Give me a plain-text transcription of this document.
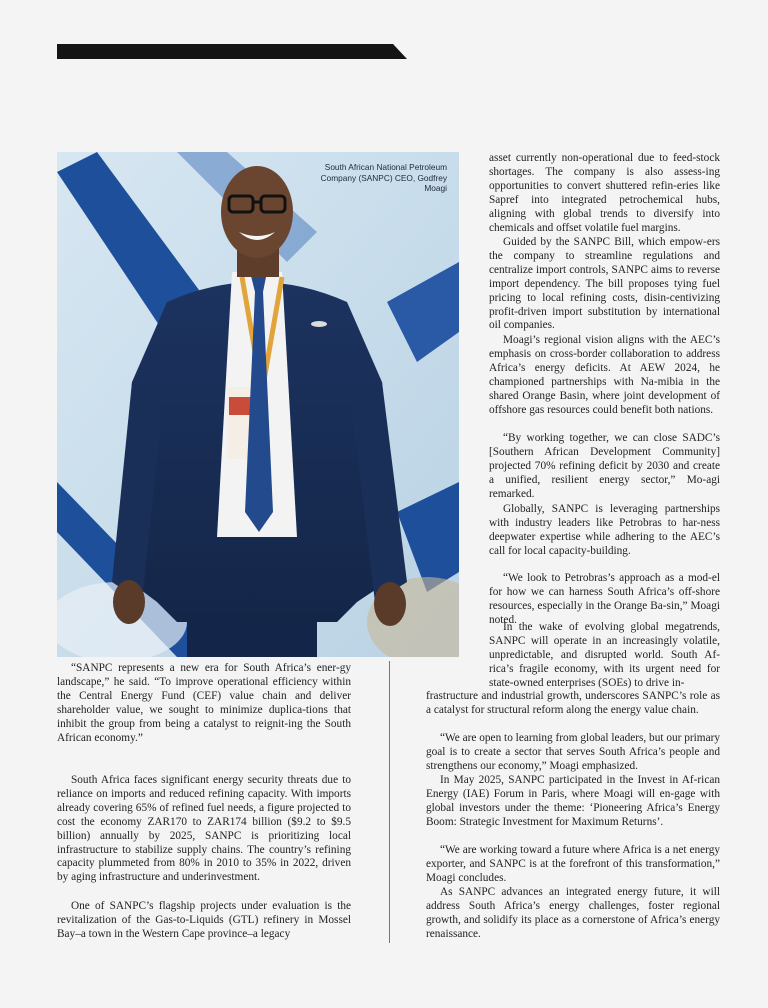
South African National Petroleum Company (SANPC) CEO, Godfrey Moagi

asset currently non-operational due to feed-stock shortages. The company is also assess-ing opportunities to convert shuttered refin-eries like Sapref into integrated petrochemical hubs, aligning with global trends to diversify into chemicals and offset volatile fuel margins.

Guided by the SANPC Bill, which empow-ers the company to streamline regulations and centralize import controls, SANPC aims to reverse import dependency. The bill proposes tying fuel pricing to local refining costs, disin-centivizing profit-driven import substitution by international oil companies.

Moagi’s regional vision aligns with the AEC’s emphasis on cross-border collaboration to address Africa’s energy deficits. At AEW 2024, he championed partnerships with Na-mibia in the shared Orange Basin, where joint development of offshore gas resources could benefit both nations.

“By working together, we can close SADC’s [Southern African Development Community] projected 70% refining deficit by 2030 and create a unified, resilient energy sector,” Mo-agi remarked.

Globally, SANPC is leveraging partnerships with industry leaders like Petrobras to har-ness deepwater expertise while adhering to the AEC’s call for local capacity-building.

“We look to Petrobras’s approach as a mod-el for how we can harness South Africa’s off-shore resources, especially in the Orange Ba-sin,” Moagi noted.

In the wake of evolving global megatrends, SANPC will operate in an increasingly volatile, unpredictable, and disrupted world. South Af-rica’s fragile economy, with its urgent need for state-owned enterprises (SOEs) to drive in-

frastructure and industrial growth, underscores SANPC’s role as a catalyst for structural reform along the energy value chain.

“We are open to learning from global leaders, but our primary goal is to create a sector that serves South Africa’s people and strengthens our economy,” Moagi emphasized.

In May 2025, SANPC participated in the Invest in Af-rican Energy (IAE) Forum in Paris, where Moagi will en-gage with global investors under the theme: ‘Pioneering Africa’s Energy Boom: Strategic Investment for Maximum Returns’.

“We are working toward a future where Africa is a net energy exporter, and SANPC is at the forefront of this transformation,” Moagi concludes.

As SANPC advances an integrated energy future, it will address South Africa’s energy challenges, foster regional growth, and solidify its place as a cornerstone of Africa’s energy renaissance.

“SANPC represents a new era for South Africa’s ener-gy landscape,” he said. “To improve operational efficiency within the Central Energy Fund (CEF) value chain and deliver shareholder value, we sought to minimize duplica-tions that inhibit the group from being a catalyst to reignit-ing the South African economy.”

South Africa faces significant energy security threats due to reliance on imports and reduced refining capacity. With imports already covering 65% of refined fuel needs, a figure projected to cost the economy ZAR170 to ZAR174 billion ($9.2 to $9.5 billion) annually by 2025, SANPC is prioritizing local infrastructure to stabilize supply chains. The country’s refining capacity plummeted from 80% in 2010 to 35% in 2022, driven by aging infrastructure and underinvestment.

One of SANPC’s flagship projects under evaluation is the revitalization of the Gas-to-Liquids (GTL) refinery in Mossel Bay–a town in the Western Cape province–a legacy
